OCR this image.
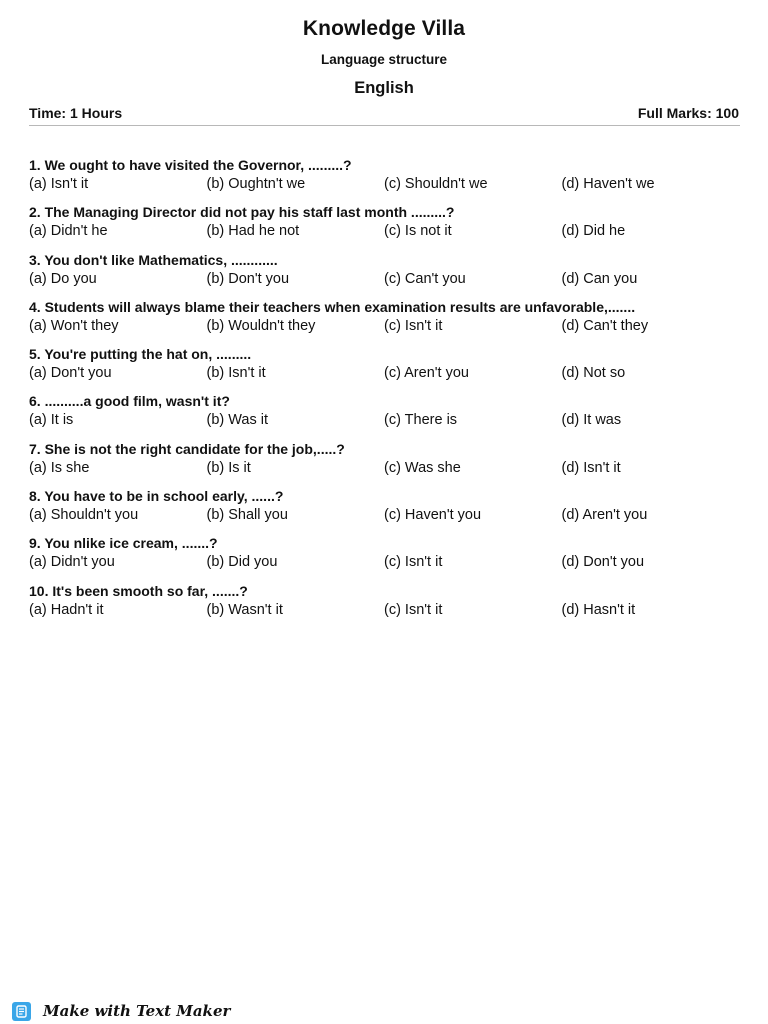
Knowledge Villa
Language structure
English
Time: 1 Hours	Full Marks: 100
1. We ought to have visited the Governor, .........?
(a) Isn't it	(b) Oughtn't we	(c) Shouldn't we	(d) Haven't we
2. The Managing Director did not pay his staff last month .........?
(a) Didn't he	(b) Had he not	(c) Is not it	(d) Did he
3. You don't like Mathematics, ............
(a) Do you	(b) Don't you	(c) Can't you	(d) Can you
4. Students will always blame their teachers when examination results are unfavorable,.......
(a) Won't they	(b) Wouldn't they	(c) Isn't it	(d) Can't they
5. You're putting the hat on, .........
(a) Don't you	(b) Isn't it	(c) Aren't you	(d) Not so
6. ..........a good film, wasn't it?
(a) It is	(b) Was it	(c) There is	(d) It was
7. She is not the right candidate for the job,.....?
(a) Is she	(b) Is it	(c) Was she	(d) Isn't it
8. You have to be in school early, ......?
(a) Shouldn't you	(b) Shall you	(c) Haven't you	(d) Aren't you
9. You nlike ice cream, .......?
(a) Didn't you	(b) Did you	(c) Isn't it	(d) Don't you
10. It's been smooth so far, .......?
(a) Hadn't it	(b) Wasn't it	(c) Isn't it	(d) Hasn't it
Make with Text Maker
